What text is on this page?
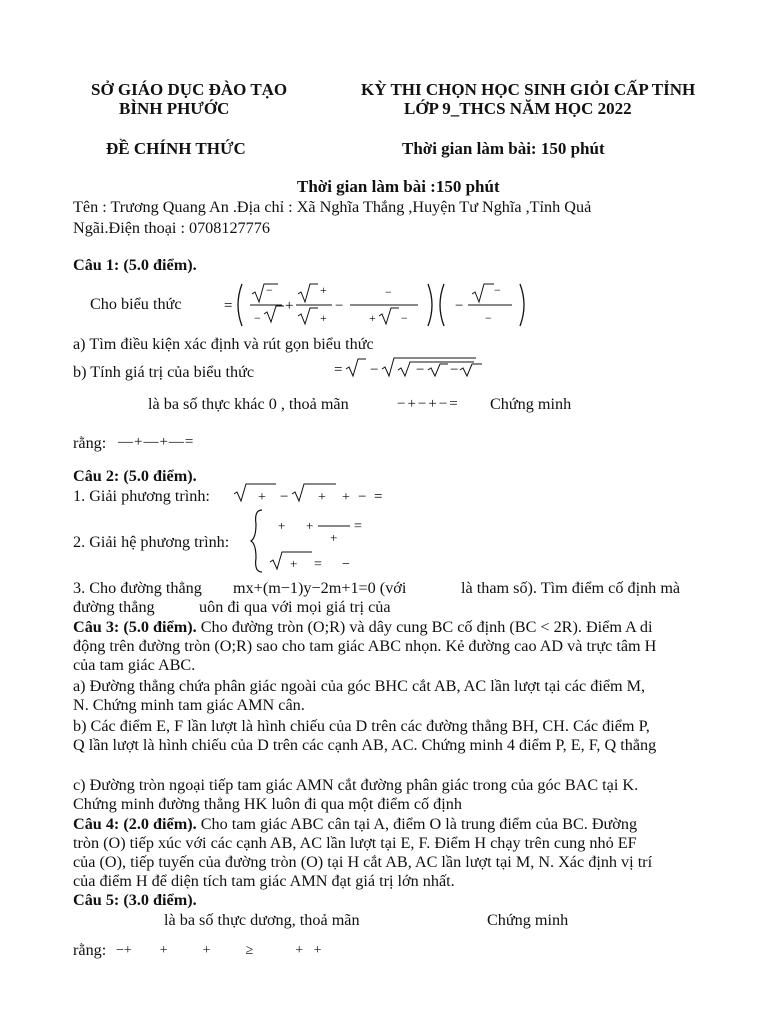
SỞ GIÁO DỤC ĐÀO TẠO
BÌNH PHƯỚC
KỲ THI CHỌN HỌC SINH GIỎI CẤP TỈNH
LỚP 9_THCS NĂM HỌC 2022
ĐỀ CHÍNH THỨC	Thời gian làm bài: 150 phút
Thời gian làm bài :150 phút
Tên : Trương Quang An .Địa chỉ : Xã Nghĩa Thắng ,Huyện Tư Nghĩa ,Tỉnh Quả
Ngãi.Điện thoại : 0708127776
Câu 1: (5.0 điểm).
Cho biểu thức	=
−
−
+
+
+
−
−
+ −
−
−
−
a) Tìm điều kiện xác định và rút gọn biểu thức
b) Tính giá trị của biểu thức	= −	− −
là ba số thực khác 0 , thoả mãn	−+−+−= Chứng minh
rằng: —+—+—=
Câu 2: (5.0 điểm).
1. Giải phương trình:	+ − + + − =
2. Giải hệ phương trình:
+ +	=
+
+ = −
3. Cho đường thẳng mx+(m−1)y−2m+1=0 (với	là tham số). Tìm điểm cố định mà
đường thẳng	uôn đi qua với mọi giá trị của
Câu 3: (5.0 điểm). Cho đường tròn (O;R) và dây cung BC cố định (BC < 2R). Điểm A di
động trên đường tròn (O;R) sao cho tam giác ABC nhọn. Kẻ đường cao AD và trực tâm H
của tam giác ABC.
a) Đường thẳng chứa phân giác ngoài của góc BHC cắt AB, AC lần lượt tại các điểm M,
N. Chứng minh tam giác AMN cân.
b) Các điểm E, F lần lượt là hình chiếu của D trên các đường thẳng BH, CH. Các điểm P,
Q lần lượt là hình chiếu của D trên các cạnh AB, AC. Chứng minh 4 điểm P, E, F, Q thẳng
c) Đường tròn ngoại tiếp tam giác AMN cắt đường phân giác trong của góc BAC tại K.
Chứng minh đường thẳng HK luôn đi qua một điểm cố định
Câu 4: (2.0 điểm). Cho tam giác ABC cân tại A, điểm O là trung điểm của BC. Đường
tròn (O) tiếp xúc với các cạnh AB, AC lần lượt tại E, F. Điểm H chạy trên cung nhỏ EF
của (O), tiếp tuyến của đường tròn (O) tại H cắt AB, AC lần lượt tại M, N. Xác định vị trí
của điểm H để diện tích tam giác AMN đạt giá trị lớn nhất.
Câu 5: (3.0 điểm).
là ba số thực dương, thoả mãn	Chứng minh
rằng: −+        +          +          ≥            +   +
